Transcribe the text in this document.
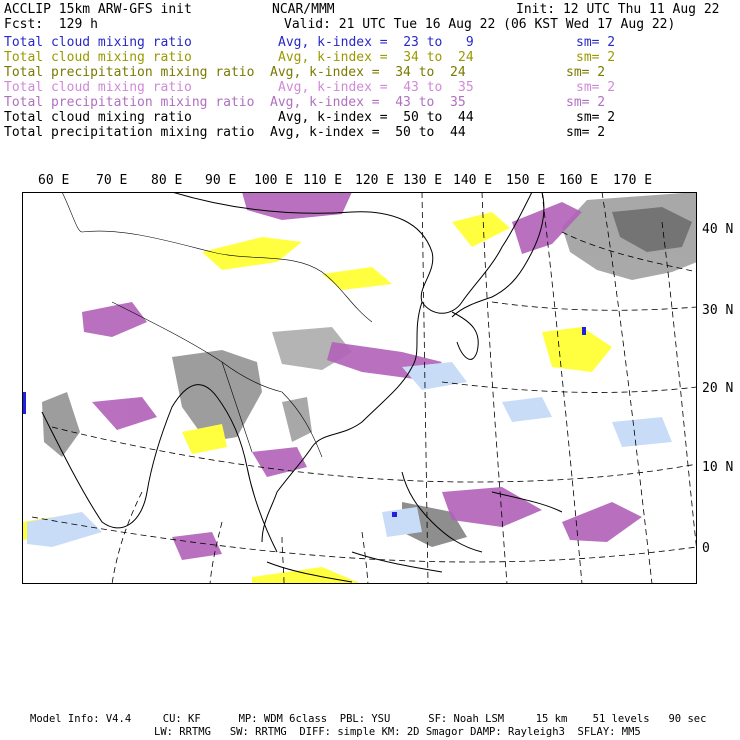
ACCLIP 15km ARW-GFS init	NCAR/MMM	Init: 12 UTC Thu 11 Aug 22
Fcst:  129 h	Valid: 21 UTC Tue 16 Aug 22 (06 KST Wed 17 Aug 22)
Total cloud mixing ratio	Avg, k-index =  23 to   9	sm= 2
Total cloud mixing ratio	Avg, k-index =  34 to  24	sm= 2
Total precipitation mixing ratio Avg, k-index =  34 to  24	sm= 2
Total cloud mixing ratio	Avg, k-index =  43 to  35	sm= 2
Total precipitation mixing ratio Avg, k-index =  43 to  35	sm= 2
Total cloud mixing ratio	Avg, k-index =  50 to  44	sm= 2
Total precipitation mixing ratio Avg, k-index =  50 to  44	sm= 2
60 E 70 E 80 E 90 E 100 E 110 E 120 E 130 E 140 E 150 E 160 E 170 E
40 N
30 N
20 N
10 N
0
Model Info: V4.4     CU: KF      MP: WDM 6class  PBL: YSU      SF: Noah LSM     15 km    51 levels   90 sec
LW: RRTMG   SW: RRTMG  DIFF: simple KM: 2D Smagor DAMP: Rayleigh3  SFLAY: MM5
